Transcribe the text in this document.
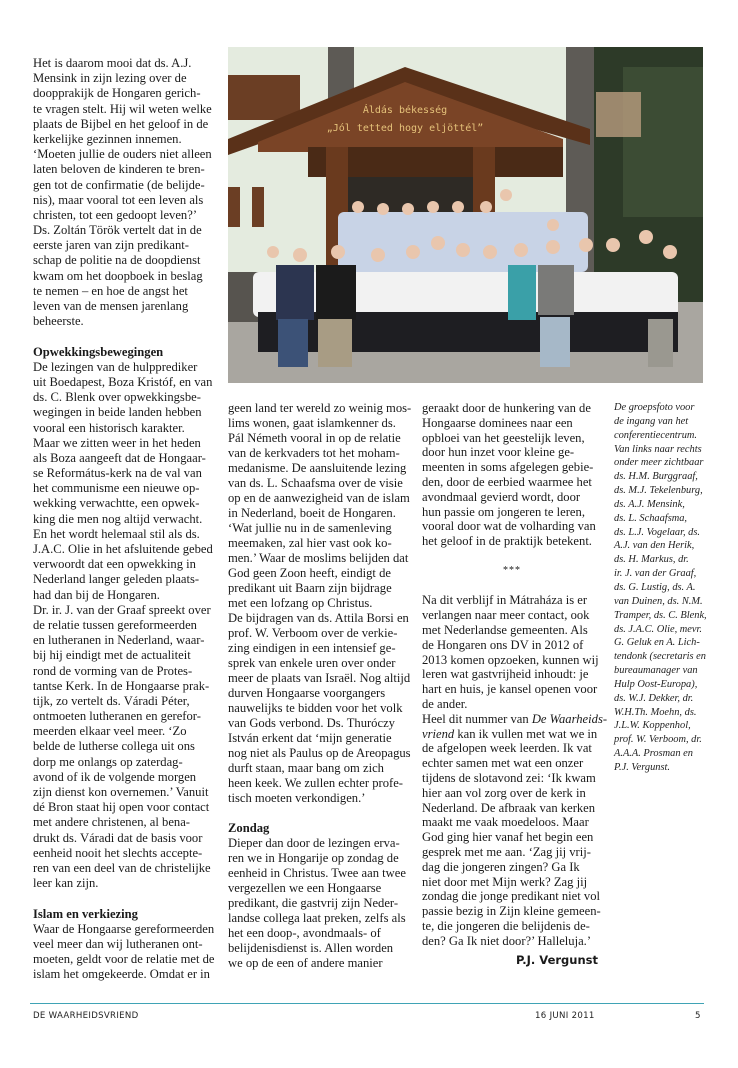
Áldás békesség
„Jól tetted hogy eljöttél”
Het is daarom mooi dat ds. A.J.
Mensink in zijn lezing over de
doopprakijk de Hongaren gerich-
te vragen stelt. Hij wil weten welke
plaats de Bijbel en het geloof in de
kerkelijke gezinnen innemen.
‘Moeten jullie de ouders niet alleen
laten beloven de kinderen te bren-
gen tot de confirmatie (de belijde-
nis), maar vooral tot een leven als
christen, tot een gedoopt leven?’
Ds. Zoltán Török vertelt dat in de
eerste jaren van zijn predikant-
schap de politie na de doopdienst
kwam om het doopboek in beslag
te nemen – en hoe de angst het
leven van de mensen jarenlang
beheerste.
Opwekkingsbewegingen
De lezingen van de hulpprediker
uit Boedapest, Boza Kristóf, en van
ds. C. Blenk over opwekkingsbe-
wegingen in beide landen hebben
vooral een historisch karakter.
Maar we zitten weer in het heden
als Boza aangeeft dat de Hongaar-
se Református-kerk na de val van
het communisme een nieuwe op-
wekking verwachtte, een opwek-
king die men nog altijd verwacht.
En het wordt helemaal stil als ds.
J.A.C. Olie in het afsluitende gebed
verwoordt dat een opwekking in
Nederland langer geleden plaats-
had dan bij de Hongaren.
Dr. ir. J. van der Graaf spreekt over
de relatie tussen gereformeerden
en lutheranen in Nederland, waar-
bij hij eindigt met de actualiteit
rond de vorming van de Protes-
tantse Kerk. In de Hongaarse prak-
tijk, zo vertelt ds. Váradi Péter,
ontmoeten lutheranen en gerefor-
meerden elkaar veel meer. ‘Zo
belde de lutherse collega uit ons
dorp me onlangs op zaterdag-
avond of ik de volgende morgen
zijn dienst kon overnemen.’ Vanuit
dé Bron staat hij open voor contact
met andere christenen, al bena-
drukt ds. Váradi dat de basis voor
eenheid nooit het slechts accepte-
ren van een deel van de christelijke
leer kan zijn.
Islam en verkiezing
Waar de Hongaarse gereformeerden
veel meer dan wij lutheranen ont-
moeten, geldt voor de relatie met de
islam het omgekeerde. Omdat er in
geen land ter wereld zo weinig mos-
lims wonen, gaat islamkenner ds.
Pál Németh vooral in op de relatie
van de kerkvaders tot het moham-
medanisme. De aansluitende lezing
van ds. L. Schaafsma over de visie
op en de aanwezigheid van de islam
in Nederland, boeit de Hongaren.
‘Wat jullie nu in de samenleving
meemaken, zal hier vast ook ko-
men.’ Waar de moslims belijden dat
God geen Zoon heeft, eindigt de
predikant uit Baarn zijn bijdrage
met een lofzang op Christus.
De bijdragen van ds. Attila Borsi en
prof. W. Verboom over de verkie-
zing eindigen in een intensief ge-
sprek van enkele uren over onder
meer de plaats van Israël. Nog altijd
durven Hongaarse voorgangers
nauwelijks te bidden voor het volk
van Gods verbond. Ds. Thuróczy
István erkent dat ‘mijn generatie
nog niet als Paulus op de Areopagus
durft staan, maar bang om zich
heen keek. We zullen echter profe-
tisch moeten verkondigen.’
Zondag
Dieper dan door de lezingen erva-
ren we in Hongarije op zondag de
eenheid in Christus. Twee aan twee
vergezellen we een Hongaarse
predikant, die gastvrij zijn Neder-
landse collega laat preken, zelfs als
het een doop-, avondmaals- of
belijdenisdienst is. Allen worden
we op de een of andere manier
geraakt door de hunkering van de
Hongaarse dominees naar een
opbloei van het geestelijk leven,
door hun inzet voor kleine ge-
meenten in soms afgelegen gebie-
den, door de eerbied waarmee het
avondmaal gevierd wordt, door
hun passie om jongeren te leren,
vooral door wat de volharding van
het geloof in de praktijk betekent.
***
Na dit verblijf in Mátraháza is er
verlangen naar meer contact, ook
met Nederlandse gemeenten. Als
de Hongaren ons DV in 2012 of
2013 komen opzoeken, kunnen wij
leren wat gastvrijheid inhoudt: je
hart en huis, je kansel openen voor
de ander.
Heel dit nummer van De Waarheids-
vriend kan ik vullen met wat we in
de afgelopen week leerden. Ik vat
echter samen met wat een onzer
tijdens de slotavond zei: ‘Ik kwam
hier aan vol zorg over de kerk in
Nederland. De afbraak van kerken
maakt me vaak moedeloos. Maar
God ging hier vanaf het begin een
gesprek met me aan. ‘Zag jij vrij-
dag die jongeren zingen? Ga Ik
niet door met Mijn werk? Zag jij
zondag die jonge predikant niet vol
passie bezig in Zijn kleine gemeen-
te, die jongeren die belijdenis de-
den? Ga Ik niet door?’ Halleluja.’
P.J. Vergunst
De groepsfoto voor
de ingang van het
conferentiecentrum.
Van links naar rechts
onder meer zichtbaar
ds. H.M. Burggraaf,
ds. M.J. Tekelenburg,
ds. A.J. Mensink,
ds. L. Schaafsma,
ds. L.J. Vogelaar, ds.
A.J. van den Herik,
ds. H. Markus, dr.
ir. J. van der Graaf,
ds. G. Lustig, ds. A.
van Duinen, ds. N.M.
Tramper, ds. C. Blenk,
ds. J.A.C. Olie, mevr.
G. Geluk en A. Lich-
tendonk (secretaris en
bureaumanager van
Hulp Oost-Europa),
ds. W.J. Dekker, dr.
W.H.Th. Moehn, ds.
J.L.W. Koppenhol,
prof. W. Verboom, dr.
A.A.A. Prosman en
P.J. Vergunst.
DE WAARHEIDSVRIEND	16 JUNI 2011	5
